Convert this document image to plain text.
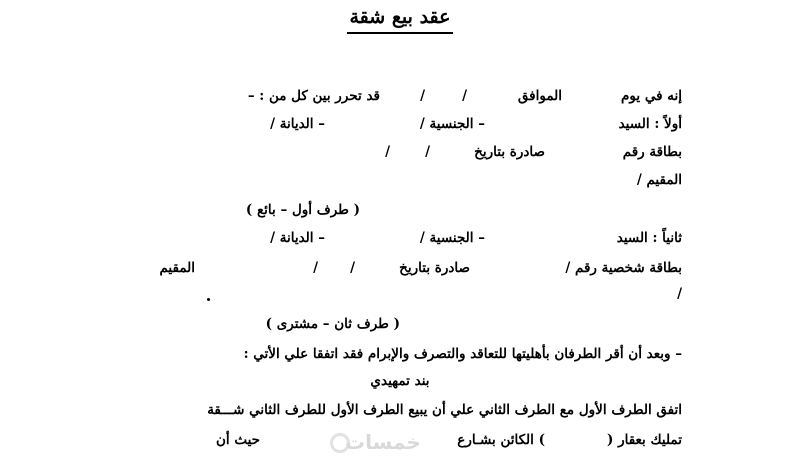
عقد بيع شقة
إنه في يوم
الموافق
/
/
قد تحرر بين كل من : –
أولاً : السيد
– الجنسية /
– الديانة /
بطاقة رقم
صادرة بتاريخ
/
/
المقيم /
( طرف أول – بائع )
ثانياً : السيد
– الجنسية /
– الديانة /
بطاقة شخصية رقم /
صادرة بتاريخ
/
/
المقيم
/
( طرف ثان – مشترى )
– وبعد أن أقر الطرفان بأهليتها للتعاقد والتصرف والإبرام فقد اتفقا علي الأتي :
بند تمهيدي
اتفق الطرف الأول مع الطرف الثاني علي أن يبيع الطرف الأول للطرف الثاني شـــقة
تمليك بعقار (
) الكائن بشـارع
حيث أن	خمسات
